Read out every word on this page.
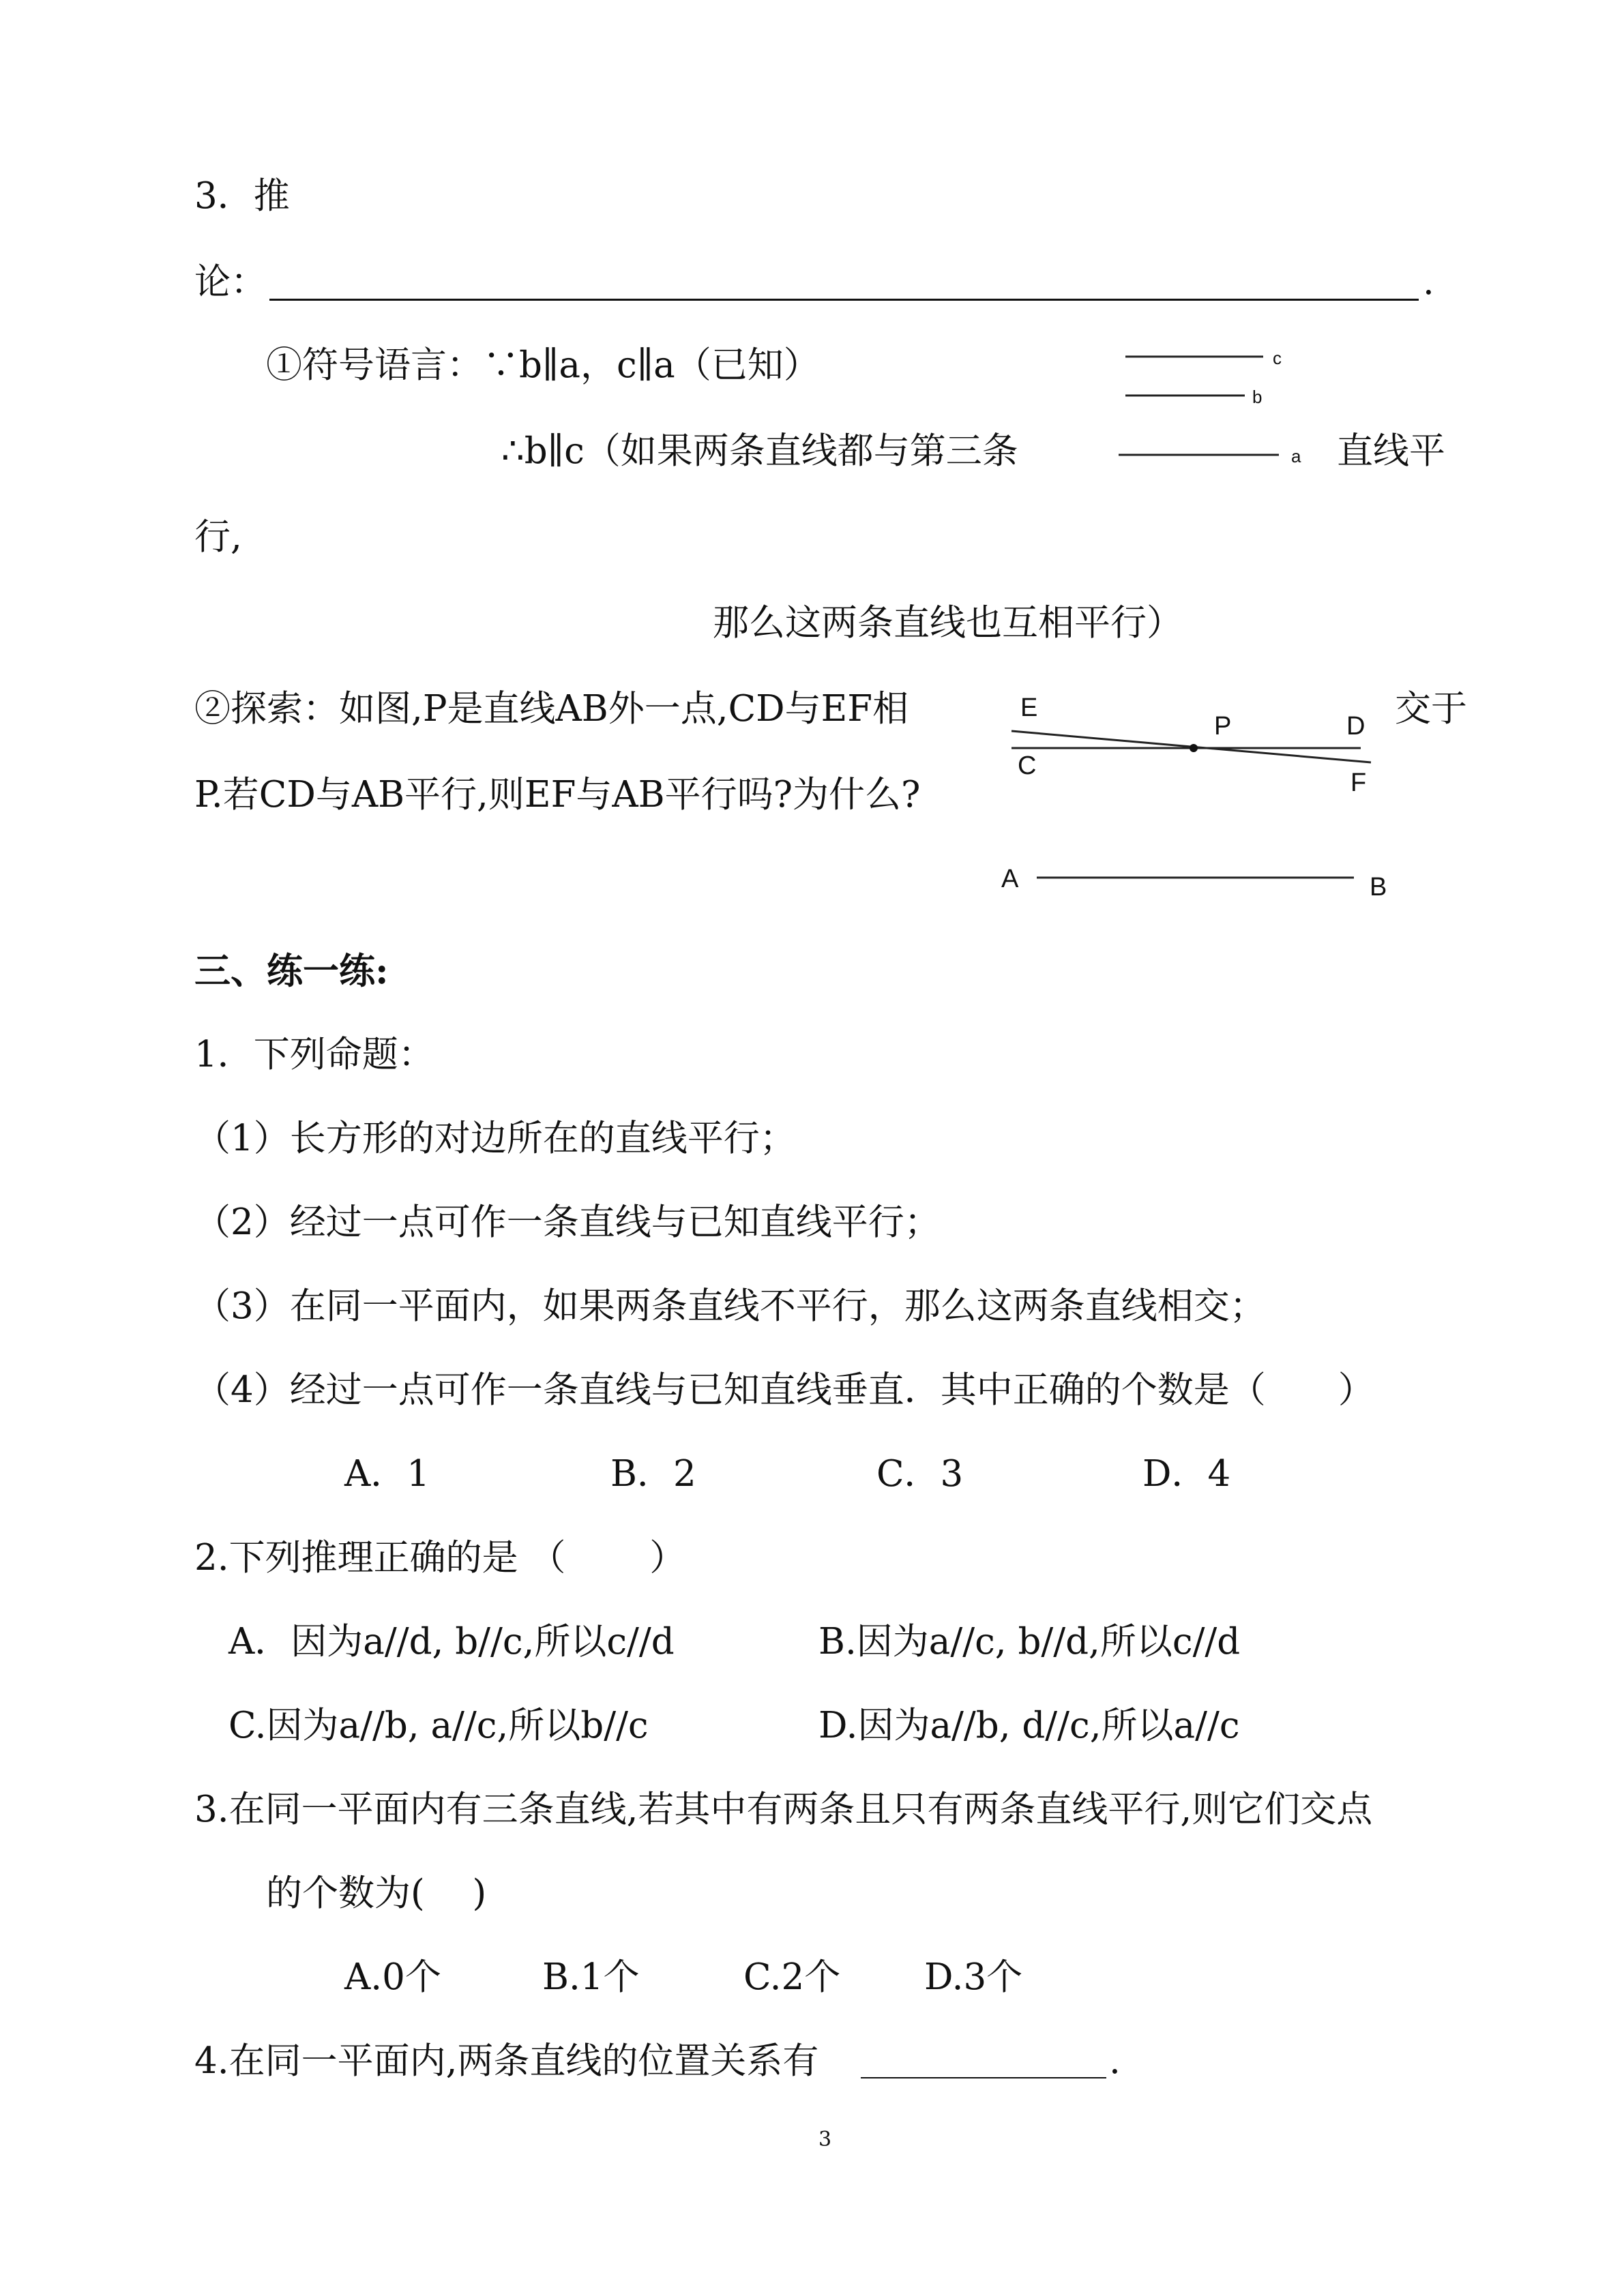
3．推
论：	.
①符号语言：∵b∥a，c∥a（已知）
∴b∥c（如果两条直线都与第三条	直线平
行,
那么这两条直线也互相平行）
②探索：如图,P是直线AB外一点,CD与EF相	交于
P.若CD与AB平行,则EF与AB平行吗?为什么?
c
b
a
E
P	D
C
F
A	B
三、练一练:
1．下列命题：
（1）长方形的对边所在的直线平行；
（2）经过一点可作一条直线与已知直线平行；
（3）在同一平面内，如果两条直线不平行，那么这两条直线相交；
（4）经过一点可作一条直线与已知直线垂直．其中正确的个数是（　　）
A．1	B．2	C．3	D．4
2.下列推理正确的是 （　　 ）
A．因为a//d, b//c,所以c//d	B.因为a//c, b//d,所以c//d
C.因为a//b, a//c,所以b//c	D.因为a//b, d//c,所以a//c
3.在同一平面内有三条直线,若其中有两条且只有两条直线平行,则它们交点
的个数为(　 )
A.0个	B.1个	C.2个 D.3个
4.在同一平面内,两条直线的位置关系有	.
3
